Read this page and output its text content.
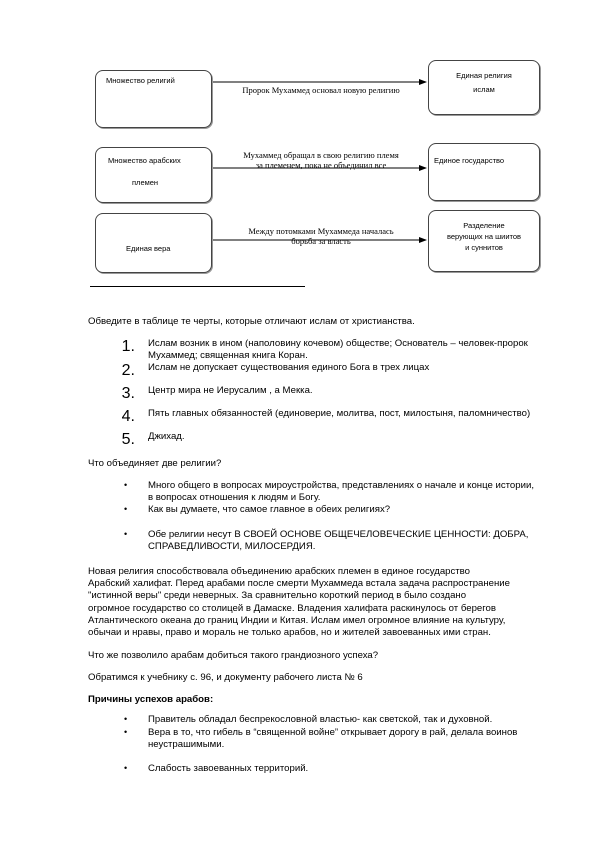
Множество религий
Единая религия
ислам
Пророк Мухаммед основал новую религию
Множество арабских
племен
Единое государство
Мухаммед обращал в свою религию племя
за племенем, пока не объединил все
Единая вера
Разделение
верующих на шиитов
и суннитов
Между потомками Мухаммеда началась
борьба за власть
Обведите в таблице те черты, которые отличают ислам от христианства.
1. Ислам возник в ином (наполовину кочевом) обществе; Основатель – человек-пророк
Мухаммед; священная книга Коран.
2. Ислам не допускает существования единого Бога в трех лицах
3. Центр мира не Иерусалим , а Мекка.
4. Пять главных обязанностей (единоверие, молитва, пост, милостыня, паломничество)
5. Джихад.
Что объединяет две религии?
• Много общего в вопросах мироустройства, представлениях о начале и конце истории,
в вопросах отношения к людям и Богу.
• Как вы думаете, что самое главное в обеих религиях?
• Обе религии несут В СВОЕЙ ОСНОВЕ ОБЩЕЧЕЛОВЕЧЕСКИЕ ЦЕННОСТИ: ДОБРА,
СПРАВЕДЛИВОСТИ, МИЛОСЕРДИЯ.
Новая религия способствовала объединению арабских племен в единое государство
Арабский халифат. Перед арабами после смерти Мухаммеда встала задача распространение
"истинной веры" среди неверных. За сравнительно короткий период в было создано
огромное государство со столицей в Дамаске. Владения халифата раскинулось от берегов
Атлантического океана до границ Индии и Китая. Ислам имел огромное влияние на культуру,
обычаи и нравы, право и мораль не только арабов, но и жителей завоеванных ими стран.
Что же позволило арабам добиться такого грандиозного успеха?
Обратимся к учебнику с. 96, и документу рабочего листа № 6
Причины успехов арабов:
• Правитель обладал беспрекословной властью- как светской, так и духовной.
• Вера в то, что гибель в “священной войне” открывает дорогу в рай, делала воинов
неустрашимыми.
• Слабость завоеванных территорий.
